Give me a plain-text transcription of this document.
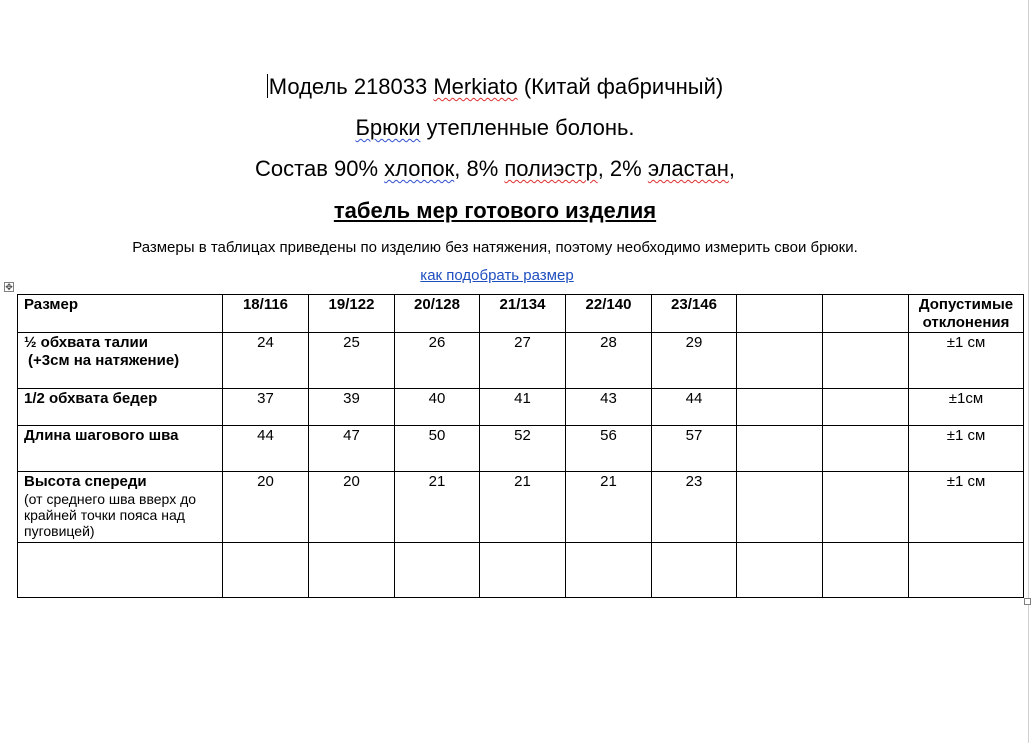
Модель 218033 Merkiato (Китай фабричный)
Брюки утепленные болонь.
Состав 90% хлопок, 8% полиэстр, 2% эластан,
табель мер готового изделия
Размеры в таблицах приведены по изделию без натяжения, поэтому необходимо измерить свои брюки.
как подобрать размер
✥
Размер	18/116	19/122	20/128	21/134	22/140	23/146			Допустимые отклонения
½ обхвата талии
(+3см на натяжение)	24	25	26	27	28	29			±1 см
1/2 обхвата бедер	37	39	40	41	43	44			±1см
Длина шагового шва	44	47	50	52	56	57			±1 см
Высота спереди
(от среднего шва вверх до крайней точки пояса над пуговицей)	20	20	21	21	21	23			±1 см
